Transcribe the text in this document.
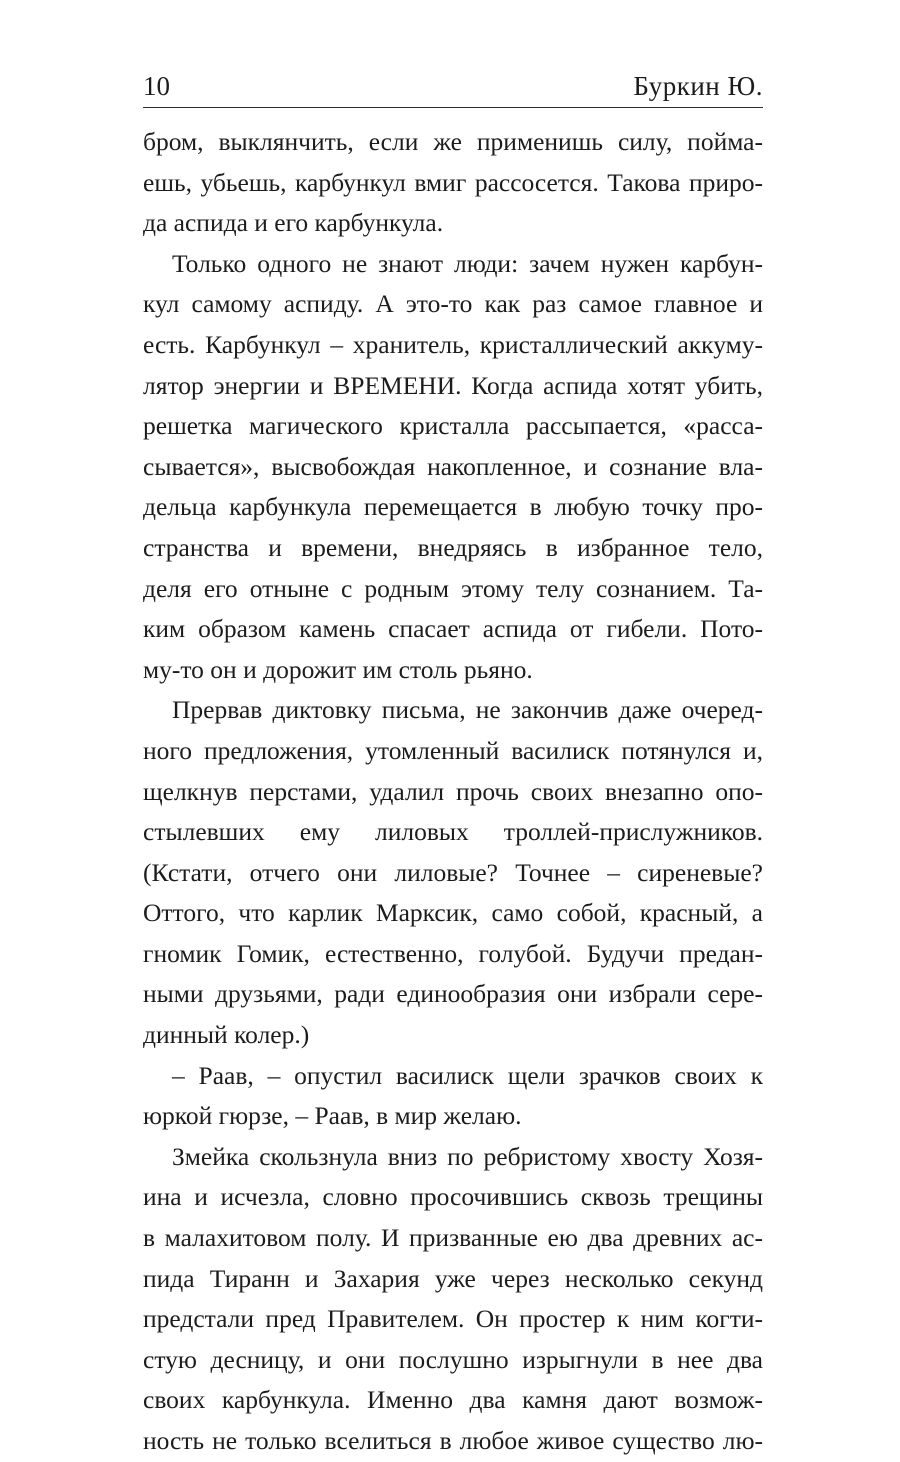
10	Буркин Ю.
бром, выклянчить, если же применишь силу, пойма-
ешь, убьешь, карбункул вмиг рассосется. Такова приро-
да аспида и его карбункула.
Только одного не знают люди: зачем нужен карбун-
кул самому аспиду. А это-то как раз самое главное и
есть. Карбункул – хранитель, кристаллический аккуму-
лятор энергии и ВРЕМЕНИ. Когда аспида хотят убить,
решетка магического кристалла рассыпается, «расса-
сывается», высвобождая накопленное, и сознание вла-
дельца карбункула перемещается в любую точку про-
странства и времени, внедряясь в избранное тело,
деля его отныне с родным этому телу сознанием. Та-
ким образом камень спасает аспида от гибели. Пото-
му-то он и дорожит им столь рьяно.
Прервав диктовку письма, не закончив даже очеред-
ного предложения, утомленный василиск потянулся и,
щелкнув перстами, удалил прочь своих внезапно опо-
стылевших ему лиловых троллей-прислужников.
(Кстати, отчего они лиловые? Точнее – сиреневые?
Оттого, что карлик Марксик, само собой, красный, а
гномик Гомик, естественно, голубой. Будучи предан-
ными друзьями, ради единообразия они избрали сере-
динный колер.)
– Раав, – опустил василиск щели зрачков своих к
юркой гюрзе, – Раав, в мир желаю.
Змейка скользнула вниз по ребристому хвосту Хозя-
ина и исчезла, словно просочившись сквозь трещины
в малахитовом полу. И призванные ею два древних ас-
пида Тиранн и Захария уже через несколько секунд
предстали пред Правителем. Он простер к ним когти-
стую десницу, и они послушно изрыгнули в нее два
своих карбункула. Именно два камня дают возмож-
ность не только вселиться в любое живое существо лю-
